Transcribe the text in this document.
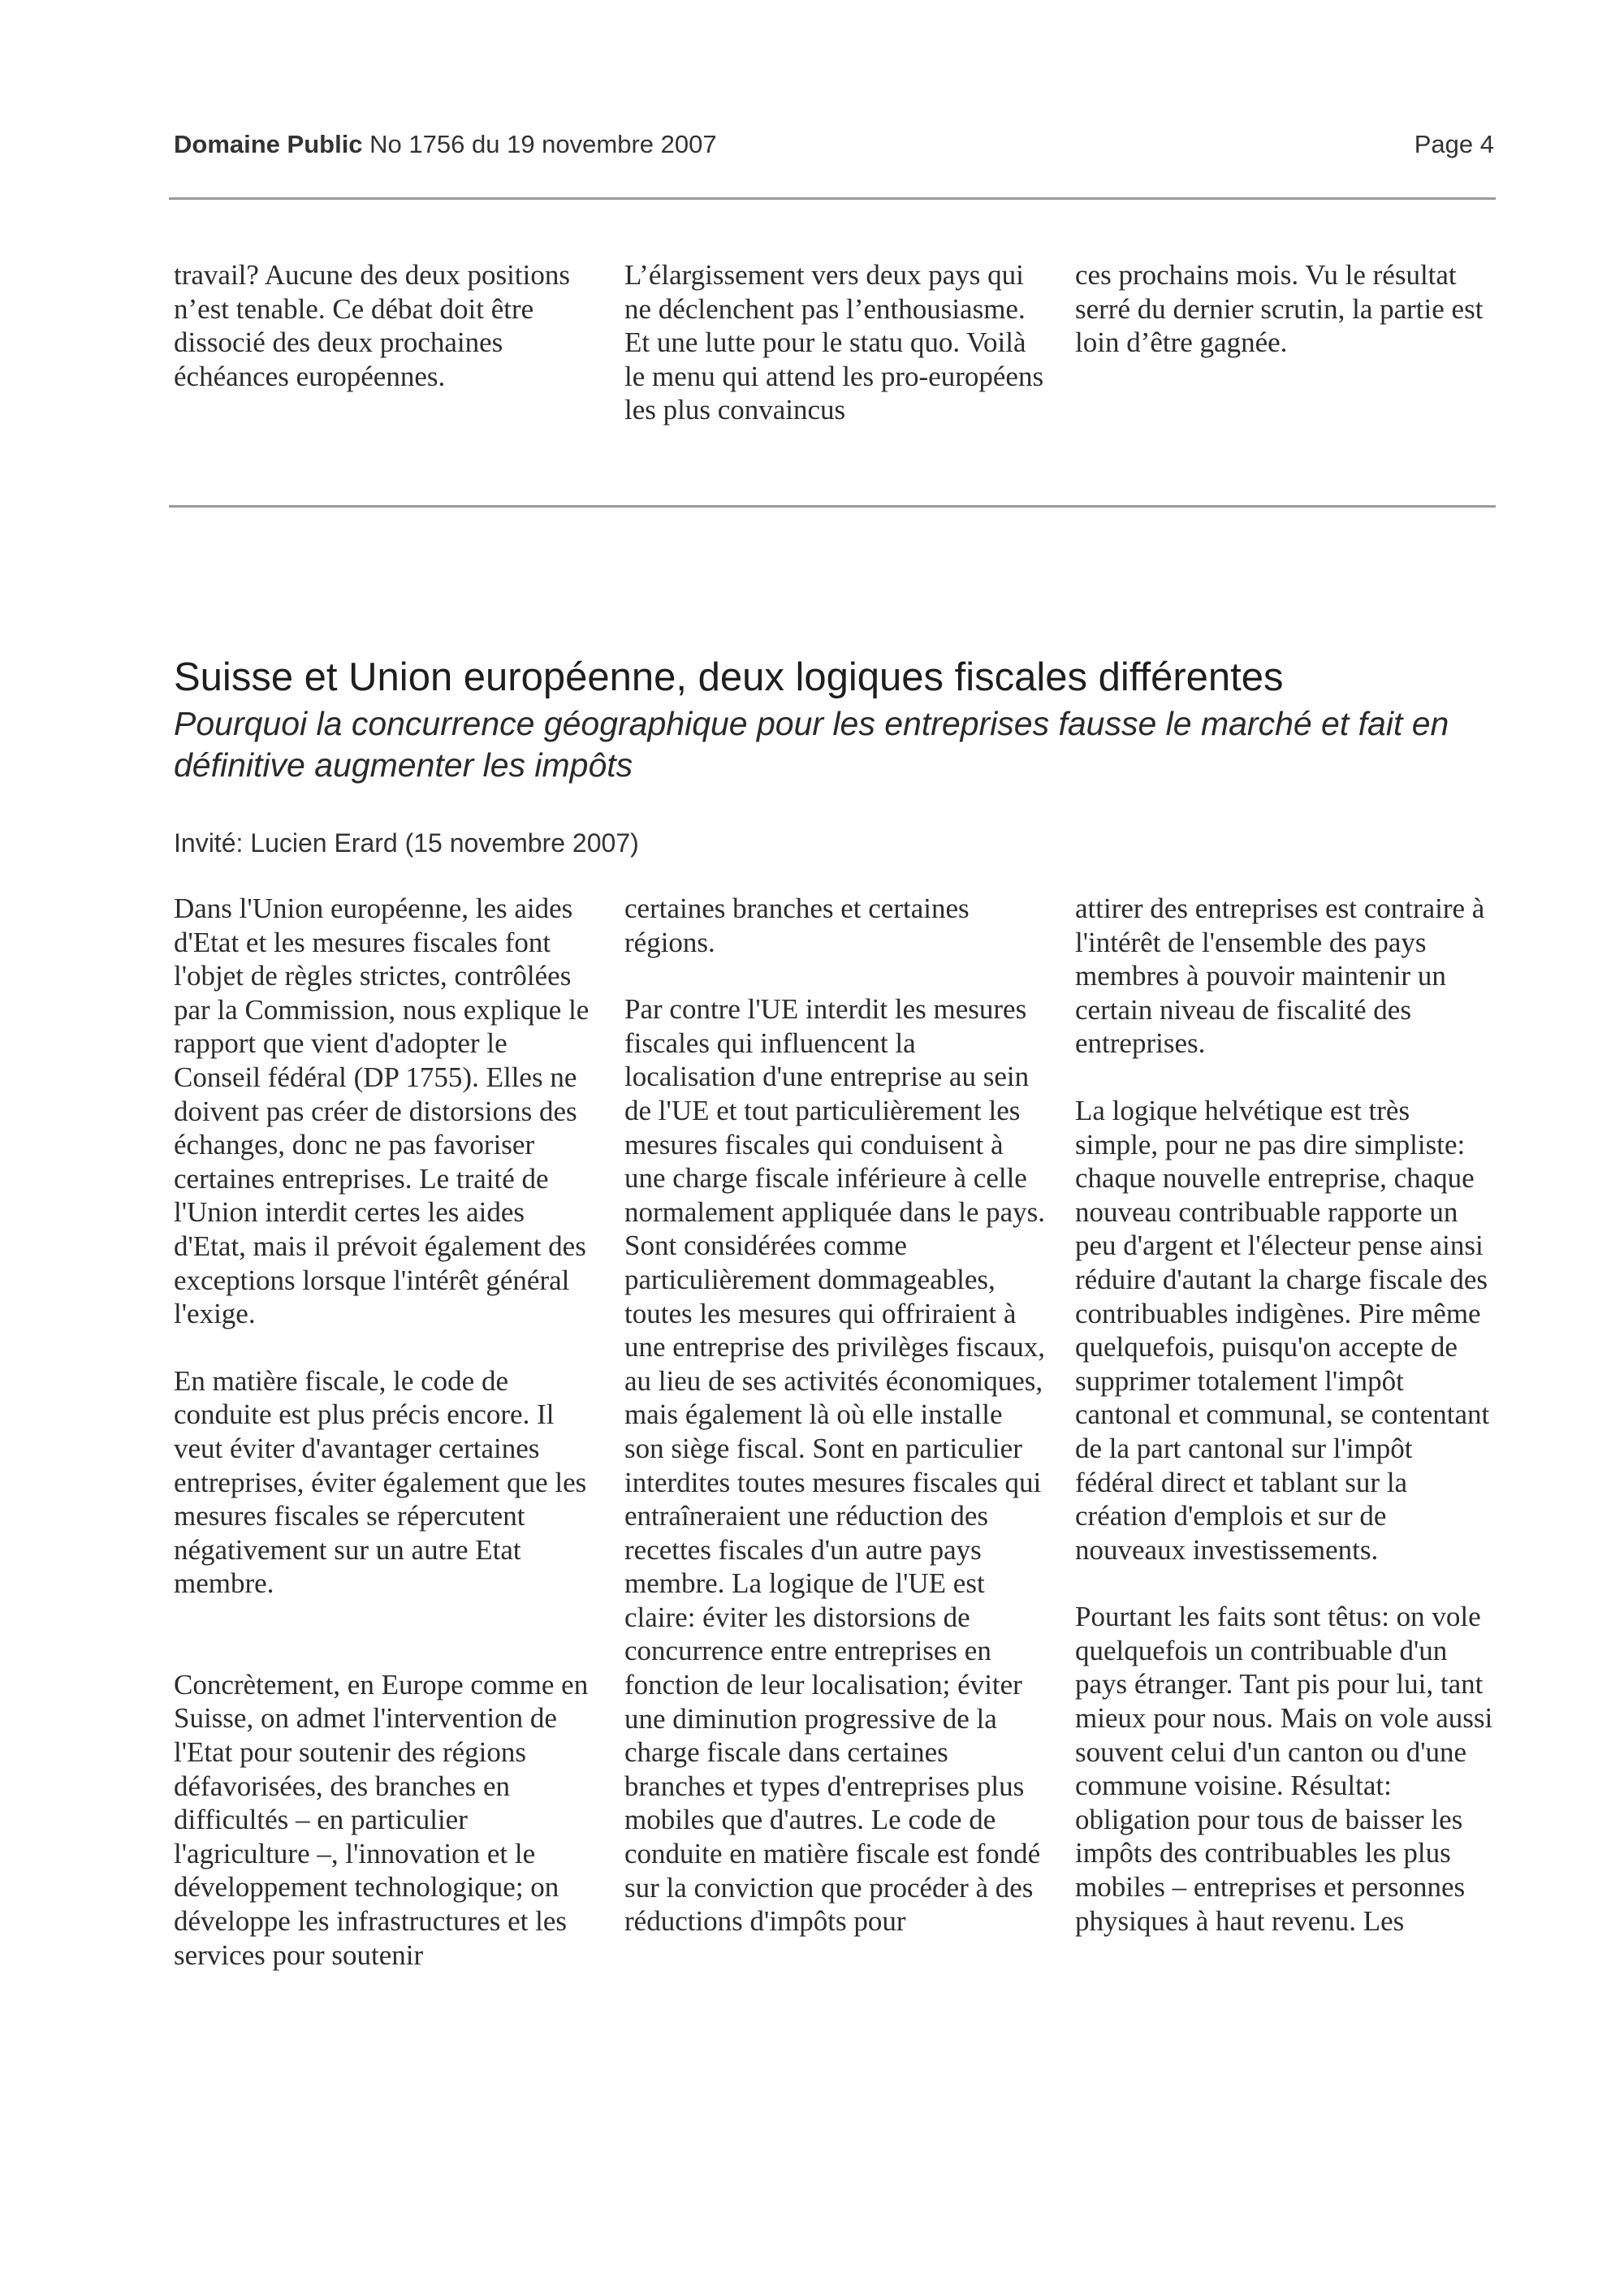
Domaine Public No 1756 du 19 novembre 2007	Page 4

travail? Aucune des deux positions n’est tenable. Ce débat doit être dissocié des deux prochaines échéances européennes.

L’élargissement vers deux pays qui ne déclenchent pas l’enthousiasme. Et une lutte pour le statu quo. Voilà le menu qui attend les pro-européens les plus convaincus

ces prochains mois. Vu le résultat serré du dernier scrutin, la partie est loin d’être gagnée.

Suisse et Union européenne, deux logiques fiscales différentes
Pourquoi la concurrence géographique pour les entreprises fausse le marché et fait en définitive augmenter les impôts
Invité: Lucien Erard (15 novembre 2007)

Dans l'Union européenne, les aides d'Etat et les mesures fiscales font l'objet de règles strictes, contrôlées par la Commission, nous explique le rapport que vient d'adopter le Conseil fédéral (DP 1755). Elles ne doivent pas créer de distorsions des échanges, donc ne pas favoriser certaines entreprises. Le traité de l'Union interdit certes les aides d'Etat, mais il prévoit également des exceptions lorsque l'intérêt général l'exige.

En matière fiscale, le code de conduite est plus précis encore. Il veut éviter d'avantager certaines entreprises, éviter également que les mesures fiscales se répercutent négativement sur un autre Etat membre.

Concrètement, en Europe comme en Suisse, on admet l'intervention de l'Etat pour soutenir des régions défavorisées, des branches en difficultés – en particulier l'agriculture –, l'innovation et le développement technologique; on développe les infrastructures et les services pour soutenir

certaines branches et certaines régions.

Par contre l'UE interdit les mesures fiscales qui influencent la localisation d'une entreprise au sein de l'UE et tout particulièrement les mesures fiscales qui conduisent à une charge fiscale inférieure à celle normalement appliquée dans le pays. Sont considérées comme particulièrement dommageables, toutes les mesures qui offriraient à une entreprise des privilèges fiscaux, au lieu de ses activités économiques, mais également là où elle installe son siège fiscal. Sont en particulier interdites toutes mesures fiscales qui entraîneraient une réduction des recettes fiscales d'un autre pays membre. La logique de l'UE est claire: éviter les distorsions de concurrence entre entreprises en fonction de leur localisation; éviter une diminution progressive de la charge fiscale dans certaines branches et types d'entreprises plus mobiles que d'autres. Le code de conduite en matière fiscale est fondé sur la conviction que procéder à des réductions d'impôts pour

attirer des entreprises est contraire à l'intérêt de l'ensemble des pays membres à pouvoir maintenir un certain niveau de fiscalité des entreprises.

La logique helvétique est très simple, pour ne pas dire simpliste: chaque nouvelle entreprise, chaque nouveau contribuable rapporte un peu d'argent et l'électeur pense ainsi réduire d'autant la charge fiscale des contribuables indigènes. Pire même quelquefois, puisqu'on accepte de supprimer totalement l'impôt cantonal et communal, se contentant de la part cantonal sur l'impôt fédéral direct et tablant sur la création d'emplois et sur de nouveaux investissements.

Pourtant les faits sont têtus: on vole quelquefois un contribuable d'un pays étranger. Tant pis pour lui, tant mieux pour nous. Mais on vole aussi souvent celui d'un canton ou d'une commune voisine. Résultat: obligation pour tous de baisser les impôts des contribuables les plus mobiles – entreprises et personnes physiques à haut revenu. Les
